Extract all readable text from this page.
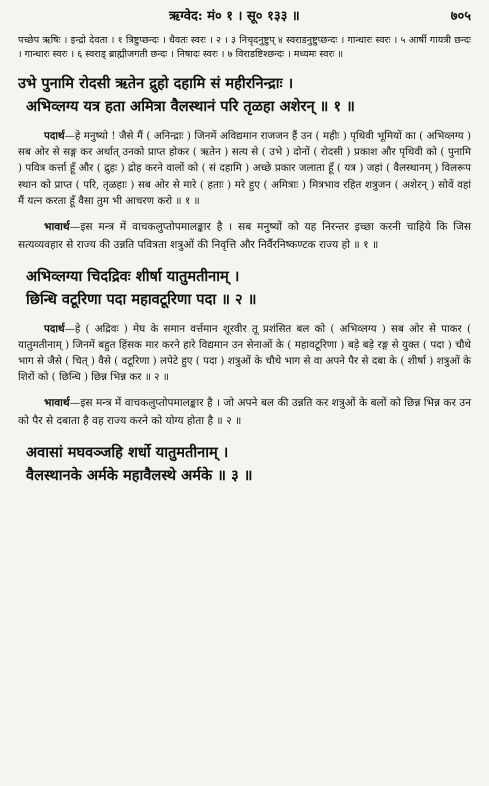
ऋग्वेद: मं० १ । सू० १३३ ॥	७०५

पच्छेप ऋषिः । इन्द्रो देवता । १ त्रिष्टुप्छन्दः । धैवतः स्वरः । २ । ३ निचृदनुष्टुप् ४ स्वराडनुष्टुप्छन्दः । गान्धारः स्वरः । ५ आर्षी गायत्री छन्दः । गान्धारः स्वरः । ६ स्वराड् ब्राह्मीजगती छन्दः । निषादः स्वरः । ७ विराडष्टिश्छन्दः । मध्यमः स्वरः ॥

उभे पुनामि रोदसी ऋतेन द्रुहो दहामि सं महीरनिन्द्राः ।
अभिव्लग्य यत्र हता अमित्रा वैलस्थानं परि तृळहा अशेरन् ॥ १ ॥

पदार्थ—हे मनुष्यो ! जैसे मैं ( अनिन्द्राः ) जिनमें अविद्यमान राजजन हैं उन ( महीः ) पृथिवी भूमियों का ( अभिव्लग्य ) सब ओर से सङ्ग कर अर्थात् उनको प्राप्त होकर ( ऋतेन ) सत्य से ( उभे ) दोनों ( रोदसी ) प्रकाश और पृथिवी को ( पुनामि ) पवित्र कर्त्ता हूँ और ( द्रुहः ) द्रोह करने वालों को ( सं दहामि ) अच्छे प्रकार जलाता हूँ ( यत्र ) जहां ( वैलस्थानम् ) विलरूप स्थान को प्राप्त ( परि, तृळहाः ) सब ओर से मारे ( हताः ) मरे हुए ( अमित्राः ) मित्रभाव रहित शत्रुजन ( अशेरन् ) सोवें वहां मैं यत्न करता हूँ वैसा तुम भी आचरण करो ॥ १ ॥

भावार्थ—इस मन्त्र में वाचकलुप्तोपमालङ्कार है । सब मनुष्यों को यह निरन्तर इच्छा करनी चाहिये कि जिस सत्यव्यवहार से राज्य की उन्नति पवित्रता शत्रुओं की निवृत्ति और निर्वैरनिष्कण्टक राज्य हो ॥ १ ॥

अभिव्लग्या चिदद्रिवः शीर्षा यातुमतीनाम् ।
छिन्धि वटूरिणा पदा महावटूरिणा पदा ॥ २ ॥

पदार्थ—हे ( अद्रिवः ) मेघ के समान वर्त्तमान शूरवीर तू प्रशंसित बल को ( अभिव्लग्य ) सब ओर से पाकर ( यातुमतीनाम् ) जिनमें बहुत हिंसक मार करने हारे विद्यमान उन सेनाओं के ( महावटूरिणा ) बड़े बड़े रङ्ग से युक्त ( पदा ) चौथे भाग से जैसे ( चित् ) वैसे ( वटूरिणा ) लपेटे हुए ( पदा ) शत्रुओं के चौथे भाग से वा अपने पैर से दबा के ( शीर्षा ) शत्रुओं के शिरों को ( छिन्धि ) छिन्न भिन्न कर ॥ २ ॥

भावार्थ—इस मन्त्र में वाचकलुप्तोपमालङ्कार है । जो अपने बल की उन्नति कर शत्रुओं के बलों को छिन्न भिन्न कर उन को पैर से दबाता है वह राज्य करने को योग्य होता है ॥ २ ॥

अवासां मघवञ्जहि शर्धो यातुमतीनाम् ।
वैलस्थानके अर्मके महावैलस्थे अर्मके ॥ ३ ॥
